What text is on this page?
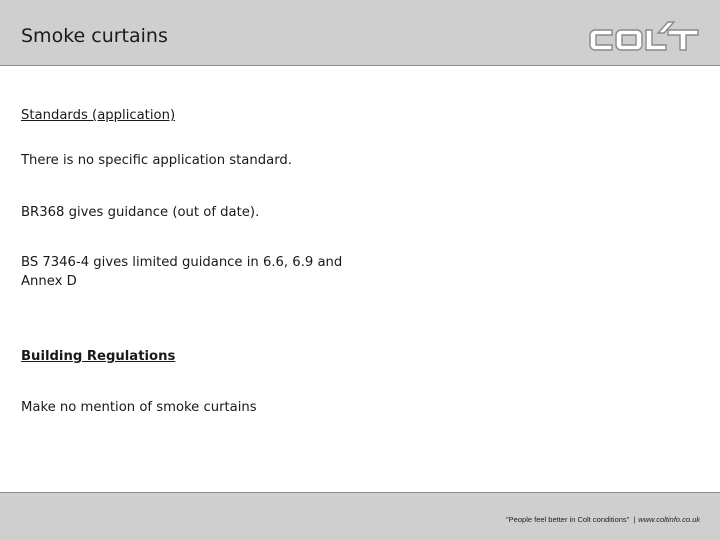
Smoke curtains
Standards (application)
There is no specific application standard.
BR368 gives guidance (out of date).
BS 7346-4 gives limited guidance in 6.6, 6.9 and
Annex D
Building Regulations
Make no mention of smoke curtains
"People feel better in Colt conditions" | www.coltinfo.co.uk
